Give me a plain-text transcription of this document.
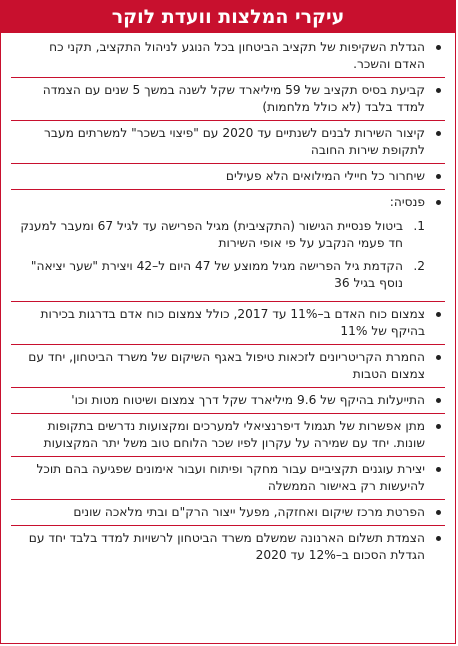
עיקרי המלצות וועדת לוקר
הגדלת השקיפות של תקציב הביטחון בכל הנוגע לניהול התקציב, תקני כח האדם והשכר.
קביעת בסיס תקציב של 59 מיליארד שקל לשנה במשך 5 שנים עם הצמדה למדד בלבד (לא כולל מלחמות)
קיצור השירות לבנים לשנתיים עד 2020 עם "פיצוי בשכר" למשרתים מעבר לתקופת שירות החובה
שיחרור כל חיילי המילואים הלא פעילים
פנסיה:
1.
ביטול פנסיית הגישור (התקציבית) מגיל הפרישה עד לגיל 67 ומעבר למענק חד פעמי הנקבע על פי אופי השירות
2.
הקדמת גיל הפרישה מגיל ממוצע של 47 היום ל–42 ויצירת "שער יציאה" נוסף בגיל 36
צמצום כוח האדם ב–11% עד 2017, כולל צמצום כוח אדם בדרגות בכירות בהיקף של 11%
החמרת הקריטריונים לזכאות טיפול באגף השיקום של משרד הביטחון, יחד עם צמצום הטבות
התייעלות בהיקף של 9.6 מיליארד שקל דרך צמצום ושיטוח מטות וכו'
מתן אפשרות של תגמול דיפרנציאלי למערכים ומקצועות נדרשים בתקופות שונות. יחד עם שמירה על עקרון לפיו שכר הלוחם טוב משל יתר המקצועות
יצירת עוגנים תקציביים עבור מחקר ופיתוח ועבור אימונים שפגיעה בהם תוכל להיעשות רק באישור הממשלה
הפרטת מרכז שיקום ואחזקה, מפעל ייצור הרק"ם ובתי מלאכה שונים
הצמדת תשלום הארנונה שמשלם משרד הביטחון לרשויות למדד בלבד יחד עם הגדלת הסכום ב–12% עד 2020
